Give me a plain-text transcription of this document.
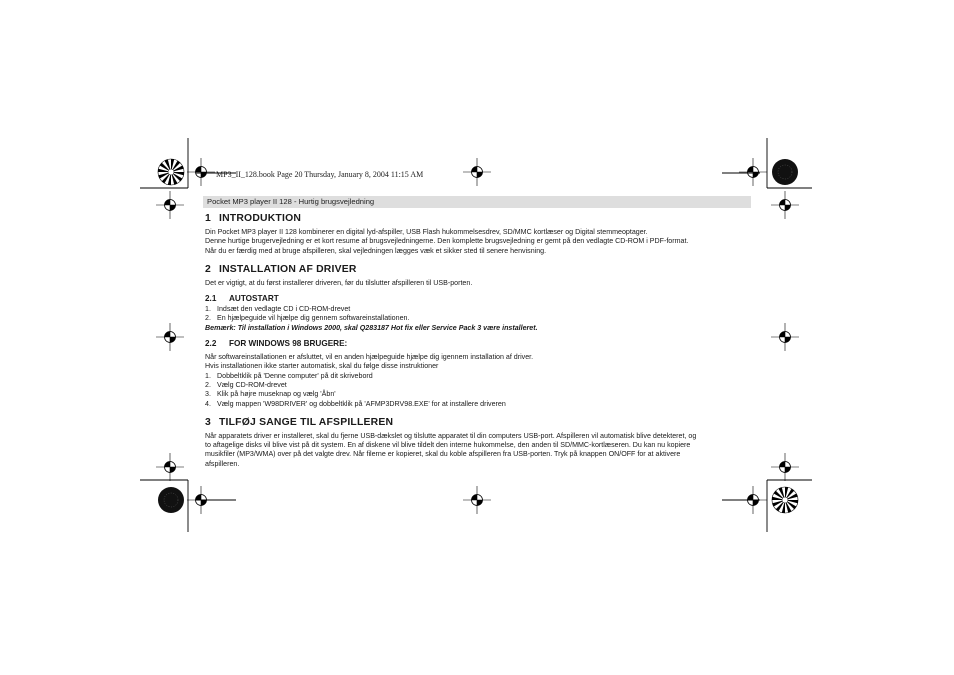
MP3_II_128.book Page 20 Thursday, January 8, 2004 11:15 AM
Pocket MP3 player II 128 - Hurtig brugsvejledning
1 INTRODUKTION

Din Pocket MP3 player II 128 kombinerer en digital lyd-afspiller, USB Flash hukommelsesdrev, SD/MMC kortlæser og Digital stemmeoptager.

Denne hurtige brugervejledning er et kort resume af brugsvejledningerne. Den komplette brugsvejledning er gemt på den vedlagte CD-ROM i PDF-format.

Når du er færdig med at bruge afspilleren, skal vejledningen lægges væk et sikker sted til senere henvisning.

2 INSTALLATION AF DRIVER

Det er vigtigt, at du først installerer driveren, før du tilslutter afspilleren til USB-porten.

2.1 AUTOSTART
1. Indsæt den vedlagte CD i CD-ROM-drevet
2. En hjælpeguide vil hjælpe dig gennem softwareinstallationen.

Bemærk: Til installation i Windows 2000, skal Q283187 Hot fix eller Service Pack 3 være installeret.

2.2 FOR WINDOWS 98 BRUGERE:

Når softwareinstallationen er afsluttet, vil en anden hjælpeguide hjælpe dig igennem installation af driver.

Hvis installationen ikke starter automatisk, skal du følge disse instruktioner

1. Dobbeltklik på 'Denne computer' på dit skrivebord
2. Vælg CD-ROM-drevet
3. Klik på højre museknap og vælg 'Åbn'
4. Vælg mappen 'W98DRIVER' og dobbeltklik på 'AFMP3DRV98.EXE' for at installere driveren
3 TILFØJ SANGE TIL AFSPILLEREN

Når apparatets driver er installeret, skal du fjerne USB-dækslet og tilslutte apparatet til din computers USB-port. Afspilleren vil automatisk blive detekteret, og

to aftagelige disks vil blive vist på dit system. En af diskene vil blive tildelt den interne hukommelse, den anden til SD/MMC-kortlæseren. Du kan nu kopiere

musikfiler (MP3/WMA) over på det valgte drev. Når filerne er kopieret, skal du koble afspilleren fra USB-porten. Tryk på knappen ON/OFF for at aktivere

afspilleren.
